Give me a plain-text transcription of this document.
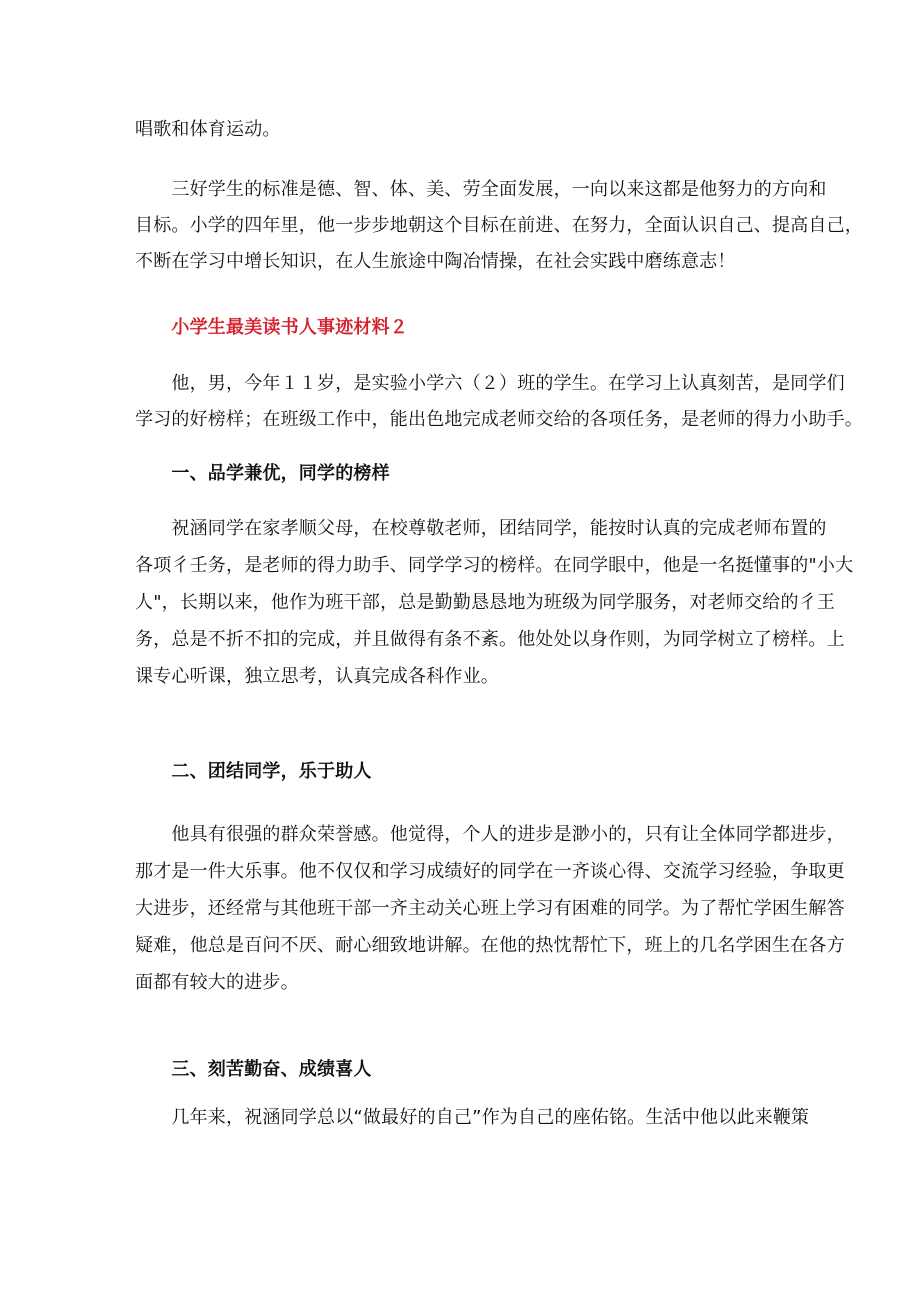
唱歌和体育运动。
　　三好学生的标准是德、智、体、美、劳全面发展，一向以来这都是他努力的方向和
目标。小学的四年里，他一步步地朝这个目标在前进、在努力，全面认识自己、提高自己，
不断在学习中增长知识，在人生旅途中陶冶情操，在社会实践中磨练意志！
　　小学生最美读书人事迹材料２
　　他，男，今年１１岁，是实验小学六（２）班的学生。在学习上认真刻苦，是同学们
学习的好榜样；在班级工作中，能出色地完成老师交给的各项任务，是老师的得力小助手。
　　一、品学兼优，同学的榜样
　　祝涵同学在家孝顺父母，在校尊敬老师，团结同学，能按时认真的完成老师布置的
各项彳壬务，是老师的得力助手、同学学习的榜样。在同学眼中，他是一名挺懂事的"小大
人"，长期以来，他作为班干部，总是勤勤恳恳地为班级为同学服务，对老师交给的彳王
务，总是不折不扣的完成，并且做得有条不紊。他处处以身作则，为同学树立了榜样。上
课专心听课，独立思考，认真完成各科作业。
　　二、团结同学，乐于助人
　　他具有很强的群众荣誉感。他觉得，个人的进步是渺小的，只有让全体同学都进步，
那才是一件大乐事。他不仅仅和学习成绩好的同学在一齐谈心得、交流学习经验，争取更
大进步，还经常与其他班干部一齐主动关心班上学习有困难的同学。为了帮忙学困生解答
疑难，他总是百问不厌、耐心细致地讲解。在他的热忱帮忙下，班上的几名学困生在各方
面都有较大的进步。
　　三、刻苦勤奋、成绩喜人
　　几年来，祝涵同学总以“做最好的自己”作为自己的座佑铭。生活中他以此来鞭策
